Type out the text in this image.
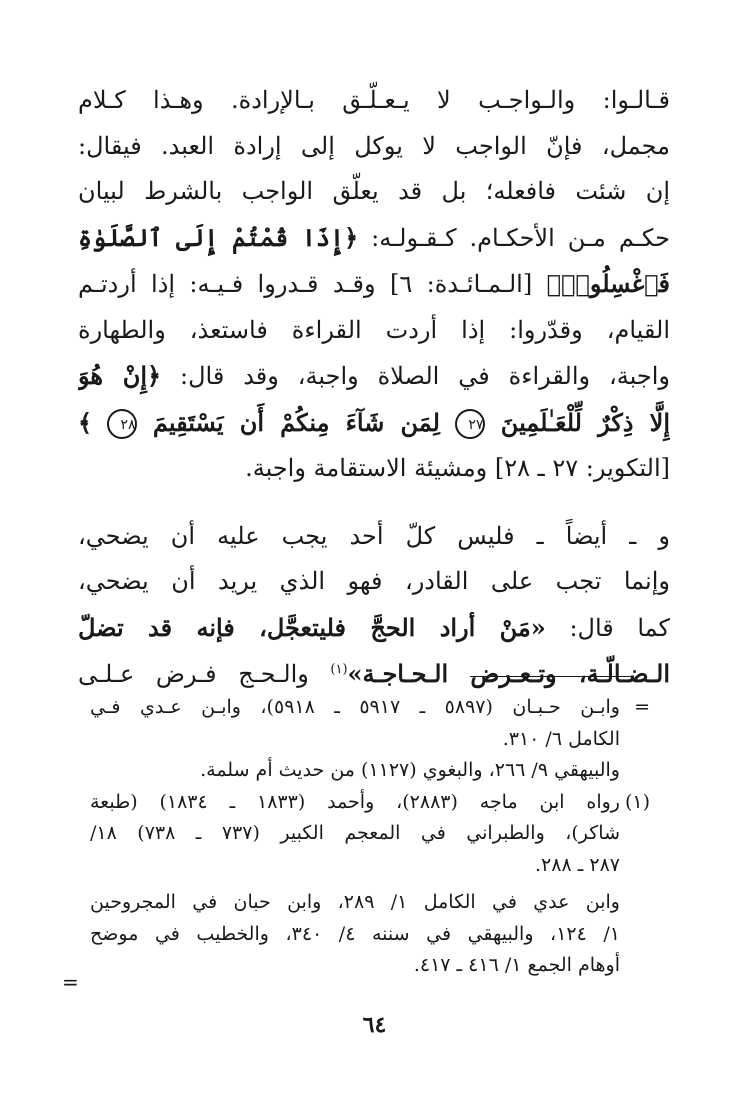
قـالـوا: والـواجـب لا يـعـلّـق بـالإرادة. وهـذا كـلام
مجمل، فإنّ الواجب لا يوكل إلى إرادة العبد. فيقال:
إن شئت فافعله؛ بل قد يعلّق الواجب بالشرط لبيان
حكـم مـن الأحكـام. كـقـولـه: ﴿إِذَا قُمْتُمْ إِلَى ٱلصَّلَوٰةِ
فَٱغْسِلُوا۟﴾ [الـمـائـدة: ٦] وقـد قـدروا فـيـه: إذا أردتـم
القيام، وقدّروا: إذا أردت القراءة فاستعذ، والطهارة
واجبة، والقراءة في الصلاة واجبة، وقد قال: ﴿إِنْ هُوَ
إِلَّا ذِكْرٌ لِّلْعَـٰلَمِينَ ٢٧ لِمَن شَآءَ مِنكُمْ أَن يَسْتَقِيمَ ٢٨ ﴾
[التكوير: ٢٧ ـ ٢٨] ومشيئة الاستقامة واجبة.

و ـ أيضاً ـ فليس كلّ أحد يجب عليه أن يضحي،
وإنما تجب على القادر، فهو الذي يريد أن يضحي،
كما قال: «مَنْ أراد الحجَّ فليتعجَّل، فإنه قد تضلّ
الـضـالّـة، وتـعـرض الـحـاجـة»$^{(١)}$ والـحـج فـرض عـلـى

=
وابـن حـبـان (٥٨٩٧ ـ ٥٩١٧ ـ ٥٩١٨)، وابـن عـدي فـي
الكامل ٦/ ٣١٠.
والبيهقي ٩/ ٢٦٦، والبغوي (١١٢٧) من حديث أم سلمة.
(١)
رواه ابن ماجه (٢٨٨٣)، وأحمد (١٨٣٣ ـ ١٨٣٤) (طبعة
شاكر)، والطبراني في المعجم الكبير (٧٣٧ ـ ٧٣٨) ١٨/
٢٨٧ ـ ٢٨٨.
وابن عدي في الكامل ١/ ٢٨٩، وابن حبان في المجروحين
١/ ١٢٤، والبيهقي في سننه ٤/ ٣٤٠، والخطيب في موضح
أوهام الجمع ١/ ٤١٦ ـ ٤١٧.
=
٦٤
